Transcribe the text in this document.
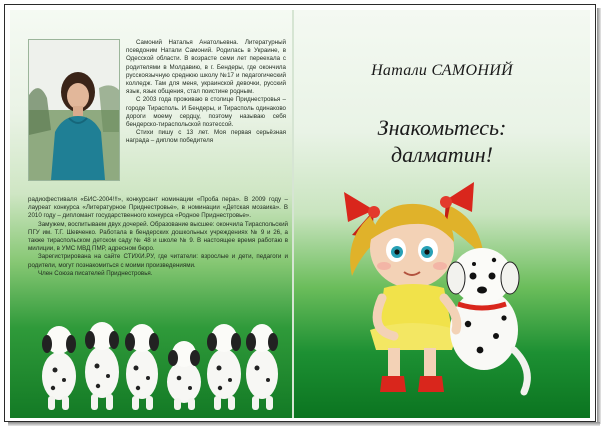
Самоний Наталья Анатольевна. Литературный псевдоним Натали Самоний. Родилась в Украине, в Одесской области. В возрасте семи лет переехала с родителями в Молдавию, в г. Бендеры, где окончила русскоязычную среднюю школу №17 и педагогический колледж. Там для меня, украинской девочки, русский язык, язык общения, стал поистине родным.

С 2003 года проживаю в столице Приднестровья – городе Тирасполь. И Бендеры, и Тирасполь одинаково дороги моему сердцу, поэтому называю себя бендерско-тираспольской поэтессой.

Стихи пишу с 13 лет. Моя первая серьёзная награда – диплом победителя

радиофестиваля «БИС-2004!!!», конкурсант номинации «Проба пера». В 2009 году – лауреат конкурса «Литературное Приднестровье», в номинации «Детская мозаика». В 2010 году – дипломант государственного конкурса «Родное Приднестровье».

Замужем, воспитываем двух дочерей. Образование высшее: окончила Тираспольский ПГУ им. Т.Г. Шевченко. Работала в бендерских дошкольных учреждениях № 9 и 26, а также тираспольском детском саду № 48 и школе № 9. В настоящее время работаю в милиции, в УМС МВД ПМР, адресном бюро.

Зарегистрирована на сайте СТИХИ.РУ, где читатели: взрослые и дети, педагоги и родители, могут познакомиться с моими произведениями.

Член Союза писателей Приднестровья.

Натали САМОНИЙ
Знакомьтесь:
далматин!
